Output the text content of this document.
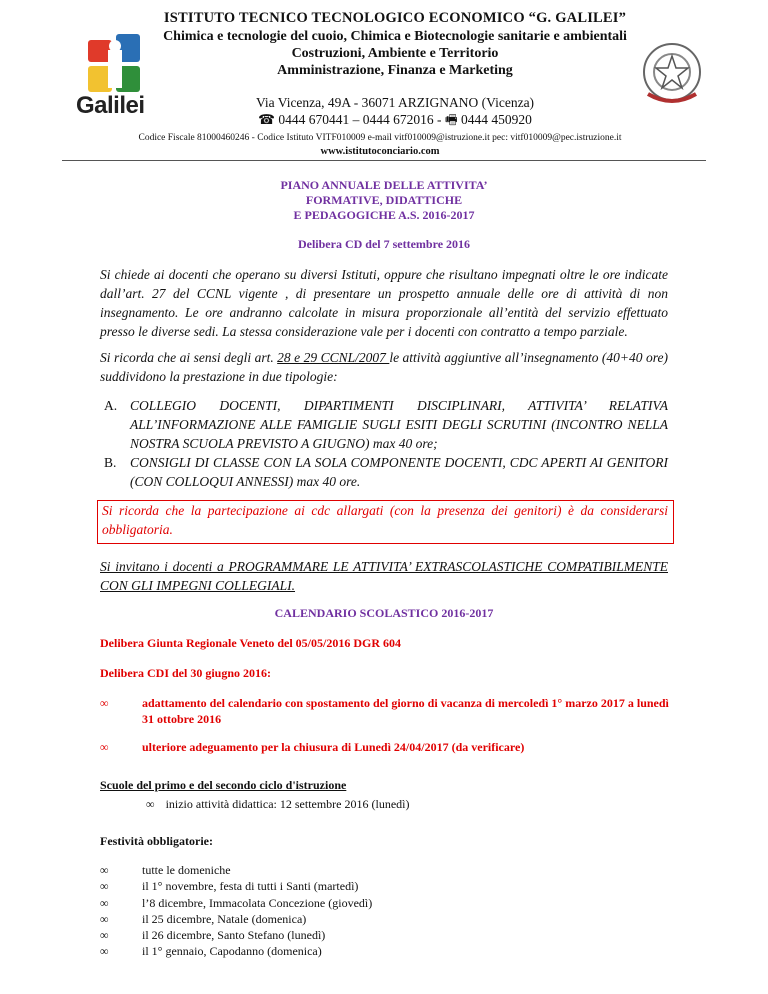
Galilei
ISTITUTO TECNICO TECNOLOGICO ECONOMICO “G. GALILEI”
Chimica e tecnologie del cuoio, Chimica e Biotecnologie sanitarie e ambientali
Costruzioni, Ambiente e Territorio
Amministrazione, Finanza e Marketing
Via Vicenza, 49A - 36071 ARZIGNANO (Vicenza)
☎ 0444 670441 – 0444 672016 - 🖷 0444 450920
Codice Fiscale 81000460246 - Codice Istituto VITF010009 e-mail vitf010009@istruzione.it pec: vitf010009@pec.istruzione.it
www.istitutoconciario.com
PIANO ANNUALE DELLE ATTIVITA’
FORMATIVE, DIDATTICHE
E PEDAGOGICHE A.S. 2016-2017
Delibera CD del 7 settembre 2016
Si chiede ai docenti che operano su diversi Istituti, oppure che risultano impegnati oltre le ore indicate dall’art. 27 del CCNL vigente , di presentare un prospetto annuale delle ore di attività di non insegnamento. Le ore andranno calcolate in misura proporzionale all’entità del servizio effettuato presso le diverse sedi. La stessa considerazione vale per i docenti con contratto a tempo parziale.
Si ricorda che ai sensi degli art. 28 e 29 CCNL/2007 le attività aggiuntive all’insegnamento (40+40 ore) suddividono la prestazione in due tipologie:
A. COLLEGIO DOCENTI, DIPARTIMENTI DISCIPLINARI, ATTIVITA’ RELATIVA ALL’INFORMAZIONE ALLE FAMIGLIE SUGLI ESITI DEGLI SCRUTINI (INCONTRO NELLA NOSTRA SCUOLA PREVISTO A GIUGNO) max 40 ore;
B. CONSIGLI DI CLASSE CON LA SOLA COMPONENTE DOCENTI, CDC APERTI AI GENITORI (CON COLLOQUI ANNESSI) max 40 ore.
Si ricorda che la partecipazione ai cdc allargati (con la presenza dei genitori) è da considerarsi obbligatoria.
Si invitano i docenti a PROGRAMMARE LE ATTIVITA’ EXTRASCOLASTICHE COMPATIBILMENTE CON GLI IMPEGNI COLLEGIALI.
CALENDARIO SCOLASTICO 2016-2017
Delibera Giunta Regionale Veneto del 05/05/2016 DGR 604
Delibera CDI del 30 giugno 2016:
∞	adattamento del calendario con spostamento del giorno di vacanza di mercoledì 1° marzo 2017 a lunedì 31 ottobre 2016
∞	ulteriore adeguamento per la chiusura di Lunedì 24/04/2017 (da verificare)
Scuole del primo e del secondo ciclo d'istruzione
∞ inizio attività didattica: 12 settembre 2016 (lunedì)
Festività obbligatorie:
∞	tutte le domeniche
∞	il 1° novembre, festa di tutti i Santi (martedì)
∞	l’8 dicembre, Immacolata Concezione (giovedì)
∞	il 25 dicembre, Natale (domenica)
∞	il 26 dicembre, Santo Stefano (lunedì)
∞	il 1° gennaio, Capodanno (domenica)
